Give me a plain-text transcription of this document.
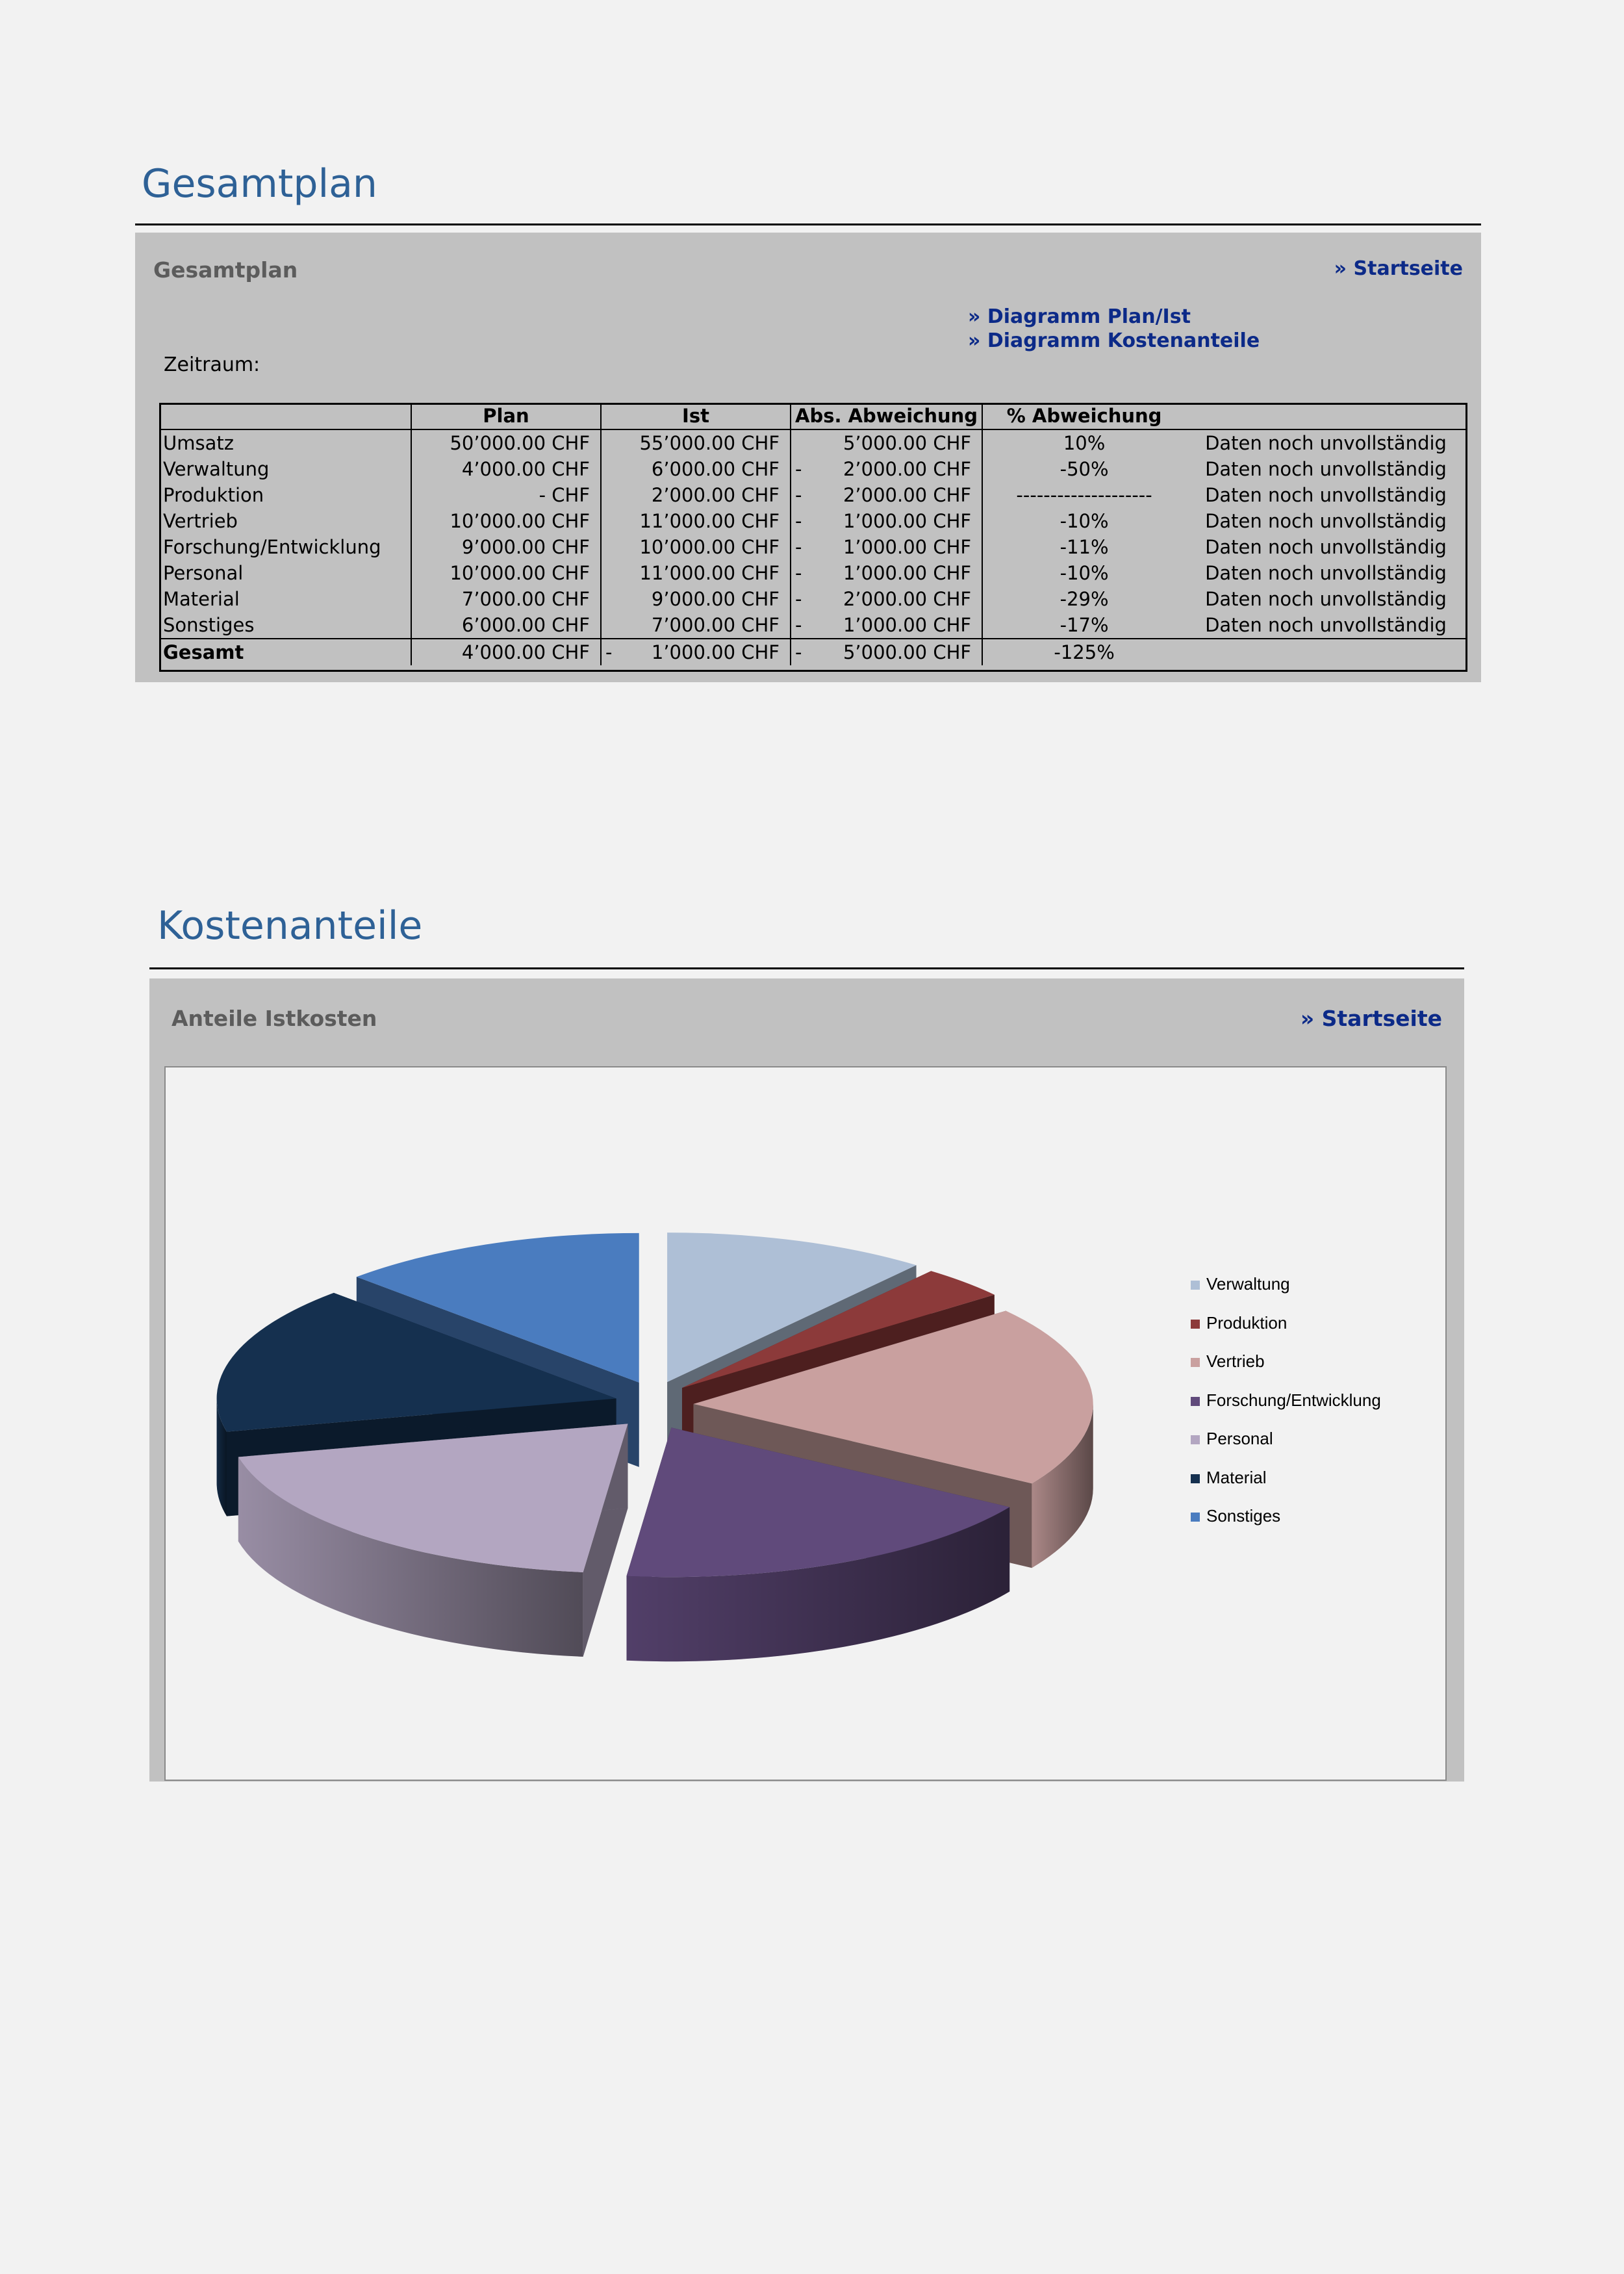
Gesamtplan
Gesamtplan	» Startseite
» Diagramm Plan/Ist
» Diagramm Kostenanteile
Zeitraum:
	Plan	Ist	Abs. Abweichung	% Abweichung	
Umsatz	50’000.00 CHF	55’000.00 CHF	5’000.00 CHF	10%	Daten noch unvollständig
Verwaltung	4’000.00 CHF	6’000.00 CHF	- 2’000.00 CHF	-50%	Daten noch unvollständig
Produktion	- CHF	2’000.00 CHF	- 2’000.00 CHF	--------------------	Daten noch unvollständig
Vertrieb	10’000.00 CHF	11’000.00 CHF	- 1’000.00 CHF	-10%	Daten noch unvollständig
Forschung/Entwicklung	9’000.00 CHF	10’000.00 CHF	- 1’000.00 CHF	-11%	Daten noch unvollständig
Personal	10’000.00 CHF	11’000.00 CHF	- 1’000.00 CHF	-10%	Daten noch unvollständig
Material	7’000.00 CHF	9’000.00 CHF	- 2’000.00 CHF	-29%	Daten noch unvollständig
Sonstiges	6’000.00 CHF	7’000.00 CHF	- 1’000.00 CHF	-17%	Daten noch unvollständig
Gesamt	4’000.00 CHF	- 1’000.00 CHF	- 5’000.00 CHF	-125%	
Kostenanteile
Anteile Istkosten	» Startseite
Verwaltung
Produktion
Vertrieb
Forschung/Entwicklung
Personal
Material
Sonstiges
